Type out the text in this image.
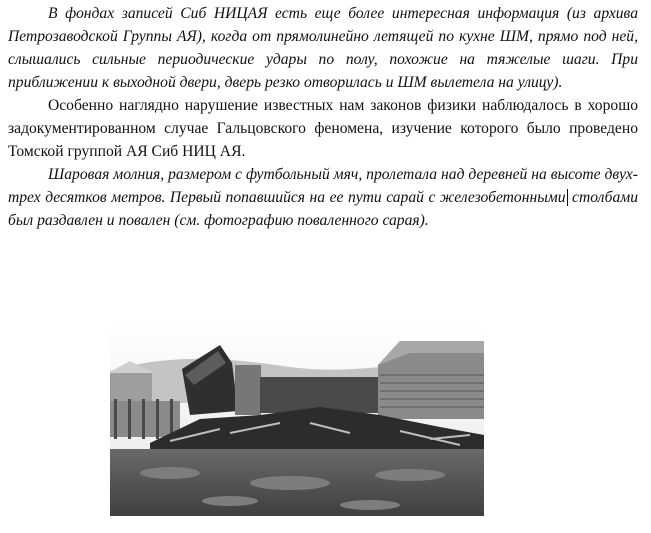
В фондах записей Сиб НИЦАЯ есть еще более интересная информация (из архива Петрозаводской Группы АЯ), когда от прямолинейно летящей по кухне ШМ, прямо под ней, слышались сильные периодические удары по полу, похожие на тяжелые шаги. При приближении к выходной двери, дверь резко отворилась и ШМ вылетела на улицу).

Особенно наглядно нарушение известных нам законов физики наблюдалось в хорошо задокументированном случае Гальцовского феномена, изучение которого было проведено Томской группой АЯ Сиб НИЦ АЯ.

Шаровая молния, размером с футбольный мяч, пролетала над деревней на высоте двух-трех десятков метров. Первый попавшийся на ее пути сарай с железобетонными столбами был раздавлен и повален (см. фотографию поваленного сарая).
